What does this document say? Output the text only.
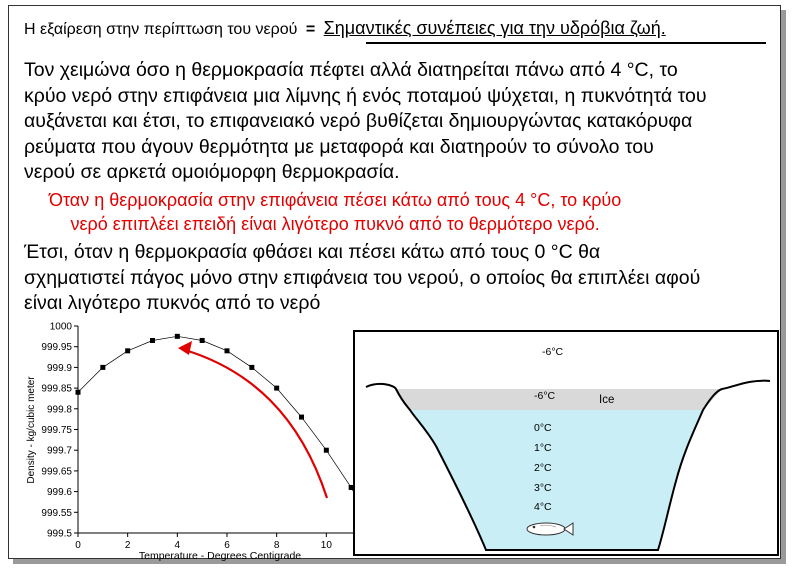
Η εξαίρεση στην περίπτωση του νερού = Σημαντικές συνέπειες για την υδρόβια ζωή.
Τον χειμώνα όσο η θερμοκρασία πέφτει αλλά διατηρείται πάνω από 4 °C, το
κρύο νερό στην επιφάνεια μια λίμνης ή ενός ποταμού ψύχεται, η πυκνότητά του
αυξάνεται και έτσι, το επιφανειακό νερό βυθίζεται δημιουργώντας κατακόρυφα
ρεύματα που άγουν θερμότητα με μεταφορά και διατηρούν το σύνολο του
νερού σε αρκετά ομοιόμορφη θερμοκρασία.
Όταν η θερμοκρασία στην επιφάνεια πέσει κάτω από τους 4 °C, το κρύο
νερό επιπλέει επειδή είναι λιγότερο πυκνό από το θερμότερο νερό.
Έτσι, όταν η θερμοκρασία φθάσει και πέσει κάτω από τους 0 °C θα
σχηματιστεί πάγος μόνο στην επιφάνεια του νερού, ο οποίος θα επιπλέει αφού
είναι λιγότερο πυκνός από το νερό
999.5
999.55
999.6
999.65
999.7
999.75
999.8
999.85
999.9
999.95
1000
0	2	4	6	8	10
Temperature - Degrees Centigrade
Density - kg/cubic meter
-6°C
-6°C	Ice
0°C
1°C
2°C
3°C
4°C
